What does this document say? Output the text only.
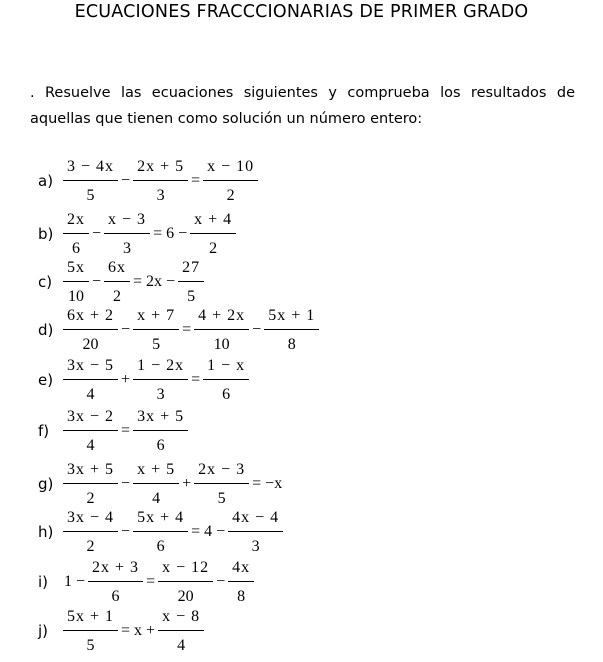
ECUACIONES FRACCCIONARIAS DE PRIMER GRADO
. Resuelve las ecuaciones siguientes y comprueba los resultados de aquellas que tienen como solución un número entero:
$a) \frac{3 - 4x}{5} - \frac{2x + 5}{3} = \frac{x - 10}{2}$
$b) \frac{2x}{6} - \frac{x - 3}{3} = 6 - \frac{x + 4}{2}$
$c) \frac{5x}{10} - \frac{6x}{2} = 2x - \frac{27}{5}$
$d) \frac{6x + 2}{20} - \frac{x + 7}{5} = \frac{4 + 2x}{10} - \frac{5x + 1}{8}$
$e) \frac{3x - 5}{4} + \frac{1 - 2x}{3} = \frac{1 - x}{6}$
$f) \frac{3x - 2}{4} = \frac{3x + 5}{6}$
$g) \frac{3x + 5}{2} - \frac{x + 5}{4} + \frac{2x - 3}{5} = -x$
$h) \frac{3x - 4}{2} - \frac{5x + 4}{6} = 4 - \frac{4x - 4}{3}$
i) $1 - \frac{2x + 3}{6} = \frac{x - 12}{20} - \frac{4x}{8}$
$j) \frac{5x + 1}{5} = x + \frac{x - 8}{4}$
